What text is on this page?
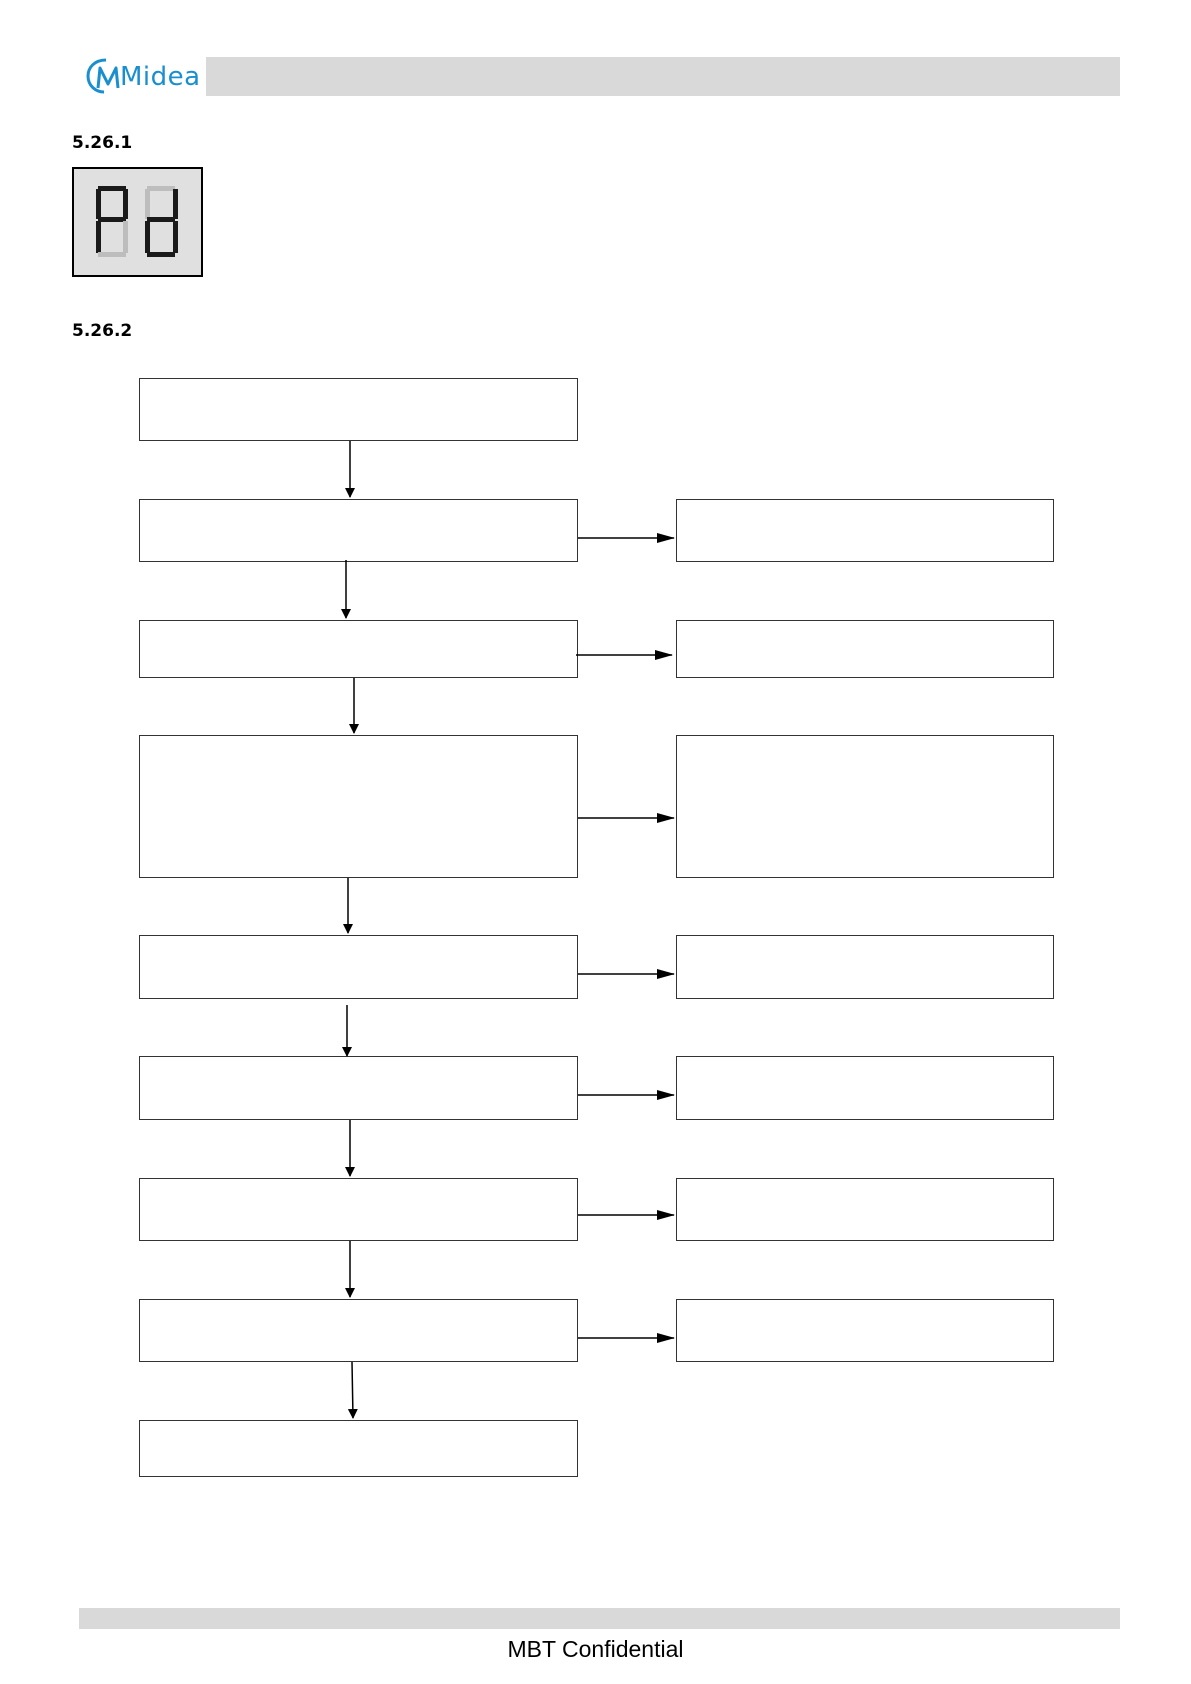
Midea
5.26.1
5.26.2
MBT Confidential
